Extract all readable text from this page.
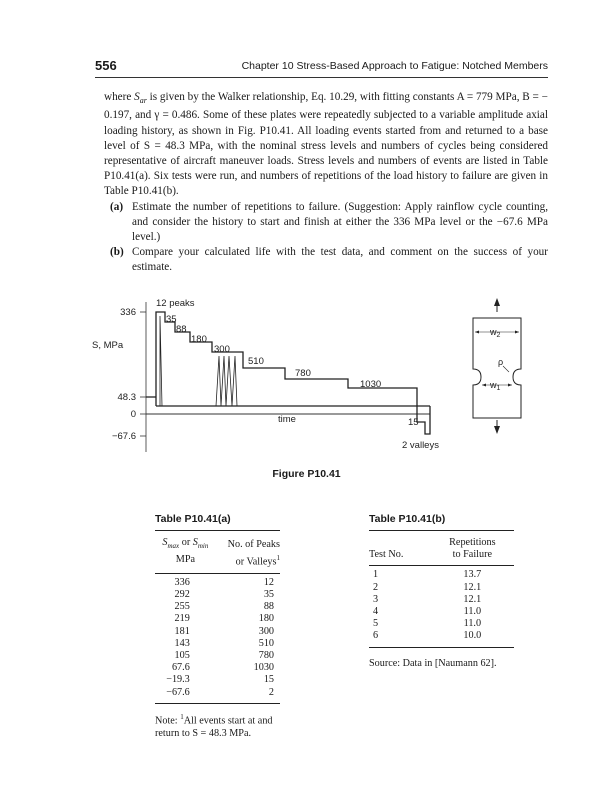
556	Chapter 10 Stress-Based Approach to Fatigue: Notched Members

where $S_{ar}$ is given by the Walker relationship, Eq. 10.29, with fitting constants A = 779 MPa, B = − 0.197, and γ = 0.486. Some of these plates were repeatedly subjected to a variable amplitude axial loading history, as shown in Fig. P10.41. All loading events started from and returned to a base level of S = 48.3 MPa, with the nominal stress levels and numbers of cycles being considered representative of aircraft maneuver loads. Stress levels and numbers of events are listed in Table P10.41(a). Six tests were run, and numbers of repetitions of the load history to failure are given in Table P10.41(b).

(a) Estimate the number of repetitions to failure. (Suggestion: Apply rainflow cycle counting, and consider the history to start and finish at either the 336 MPa level or the −67.6 MPa level.)
(b) Compare your calculated life with the test data, and comment on the success of your estimate.
336
48.3
0
−67.6
S, MPa
12 peaks
35
88
180
300
510
780
1030
time	15
2 valleys
$w_2$
$w_1$
ρ
Figure P10.41
Table P10.41(a)
$S_{max}$ or $S_{min}$	No. of Peaks
MPa	or Valleys$^1$
336	12
292	35
255	88
219	180
181	300
143	510
105	780
67.6	1030
−19.3	15
−67.6	2
Note: $^1$All events start at and return to S = 48.3 MPa.
Table P10.41(b)
	Repetitions
Test No.	to Failure
1	13.7
2	12.1
3	12.1
4	11.0
5	11.0
6	10.0
Source: Data in [Naumann 62].
